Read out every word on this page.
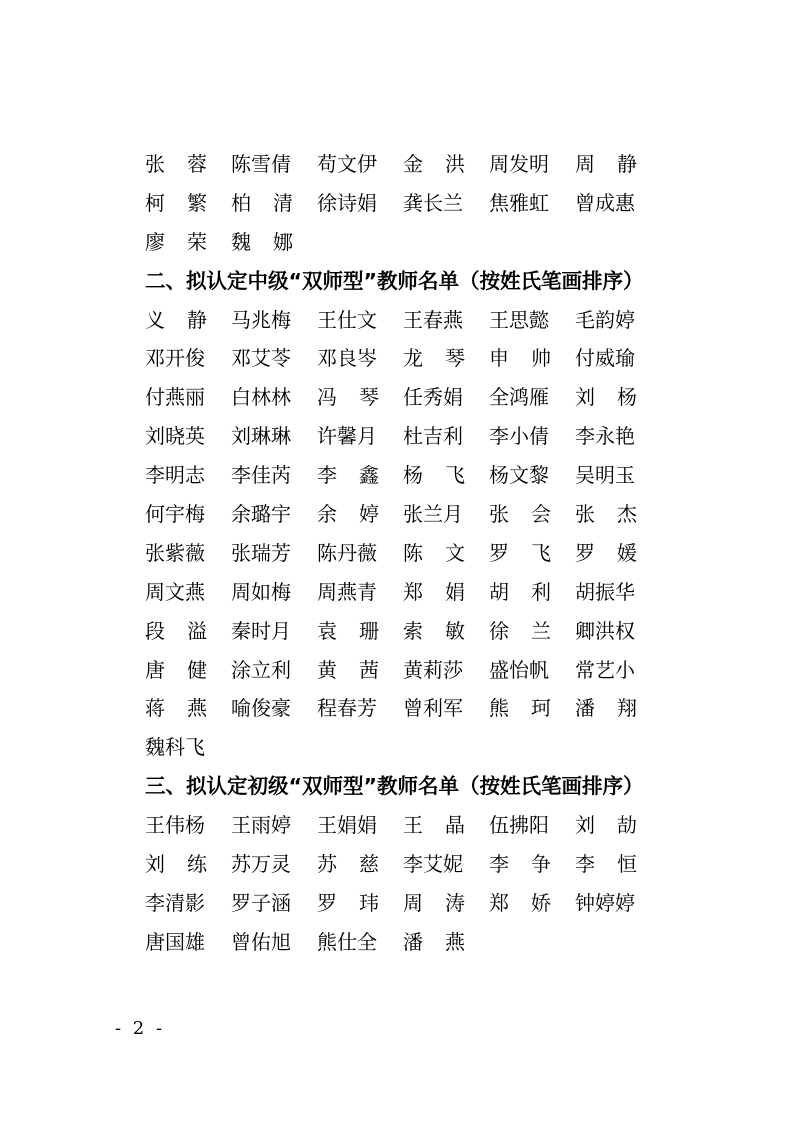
张 蓉 陈雪倩 苟文伊 金 洪 周发明 周 静
柯 繁 柏 清 徐诗娟 龚长兰 焦雅虹 曾成惠
廖 荣 魏 娜
二、拟认定中级“双师型”教师名单（按姓氏笔画排序）
义 静 马兆梅 王仕文 王春燕 王思懿 毛韵婷
邓开俊 邓艾苓 邓良岑 龙 琴 申 帅 付威瑜
付燕丽 白林林 冯 琴 任秀娟 全鸿雁 刘 杨
刘晓英 刘琳琳 许馨月 杜吉利 李小倩 李永艳
李明志 李佳芮 李 鑫 杨 飞 杨文黎 吴明玉
何宇梅 余璐宇 余 婷 张兰月 张 会 张 杰
张紫薇 张瑞芳 陈丹薇 陈 文 罗 飞 罗 媛
周文燕 周如梅 周燕青 郑 娟 胡 利 胡振华
段 溢 秦时月 袁 珊 索 敏 徐 兰 卿洪权
唐 健 涂立利 黄 茜 黄莉莎 盛怡帆 常艺小
蒋 燕 喻俊豪 程春芳 曾利军 熊 珂 潘 翔
魏科飞
三、拟认定初级“双师型”教师名单（按姓氏笔画排序）
王伟杨 王雨婷 王娟娟 王 晶 伍拂阳 刘 劼
刘 练 苏万灵 苏 慈 李艾妮 李 争 李 恒
李清影 罗子涵 罗 玮 周 涛 郑 娇 钟婷婷
唐国雄 曾佑旭 熊仕全 潘 燕
- 2 -
